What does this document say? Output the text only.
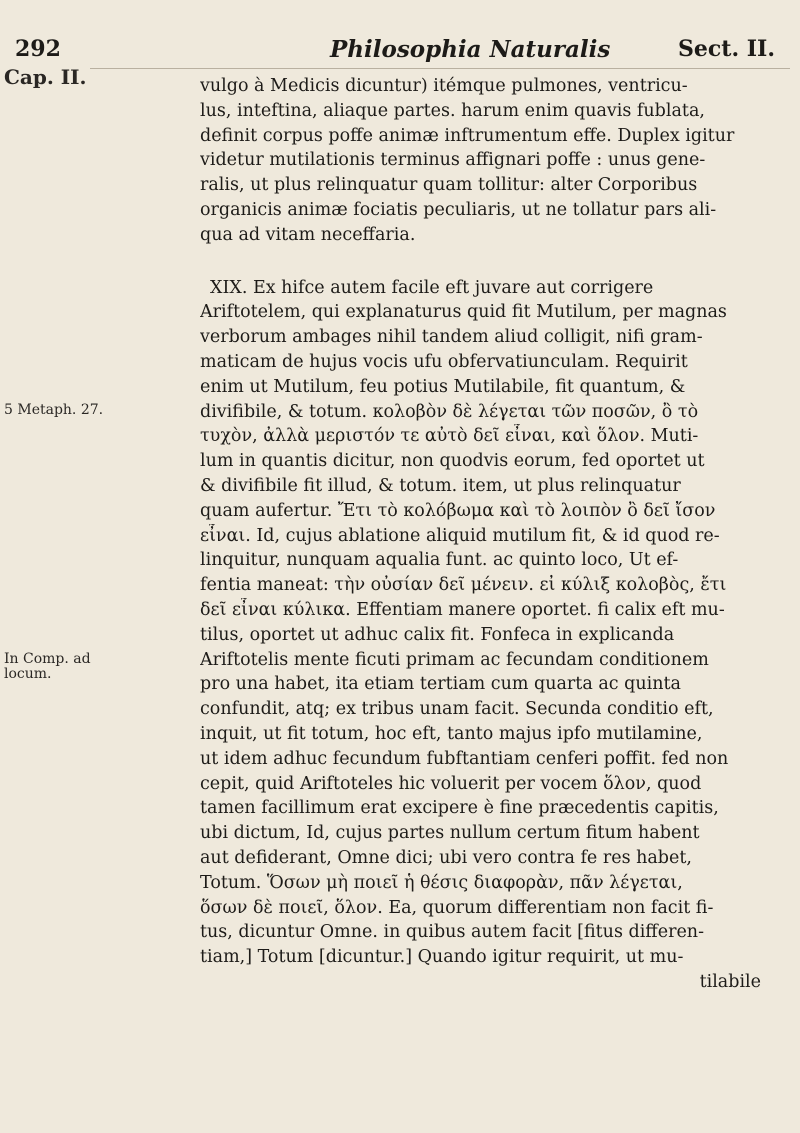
292	Philosophia Naturalis	Sect. II.
Cap. II.
5 Metaph. 27.
In Comp. ad locum.
vulgo à Medicis dicuntur) itémque pulmones, ventricu-
lus, inteftina, aliaque partes. harum enim quavis fublata,
definit corpus poffe animæ inftrumentum effe. Duplex igitur
videtur mutilationis terminus affignari poffe : unus gene-
ralis, ut plus relinquatur quam tollitur: alter Corporibus
organicis animæ fociatis peculiaris, ut ne tollatur pars ali-
qua ad vitam neceffaria.
XIX. Ex hifce autem facile eft juvare aut corrigere
Ariftotelem, qui explanaturus quid fit Mutilum, per magnas
verborum ambages nihil tandem aliud colligit, nifi gram-
maticam de hujus vocis ufu obfervatiunculam. Requirit
enim ut Mutilum, feu potius Mutilabile, fit quantum, &
divifibile, & totum. κολοβὸν δὲ λέγεται τῶν ποσῶν, ὂ τὸ
τυχὸν, ἀλλὰ μεριστόν τε αὐτὸ δεῖ εἶναι, καὶ ὅλον. Muti-
lum in quantis dicitur, non quodvis eorum, fed oportet ut
& divifibile fit illud, & totum. item, ut plus relinquatur
quam aufertur. Ἔτι τὸ κολόβωμα καὶ τὸ λοιπὸν ὂ δεῖ ἴσον
εἶναι. Id, cujus ablatione aliquid mutilum fit, & id quod re-
linquitur, nunquam aqualia funt. ac quinto loco, Ut ef-
fentia maneat: τὴν οὐσίαν δεῖ μένειν. εἰ κύλιξ κολοβὸς, ἔτι
δεῖ εἶναι κύλικα. Effentiam manere oportet. fi calix eft mu-
tilus, oportet ut adhuc calix fit. Fonfeca in explicanda
Ariftotelis mente ficuti primam ac fecundam conditionem
pro una habet, ita etiam tertiam cum quarta ac quinta
confundit, atq; ex tribus unam facit. Secunda conditio eft,
inquit, ut fit totum, hoc eft, tanto majus ipfo mutilamine,
ut idem adhuc fecundum fubftantiam cenferi poffit. fed non
cepit, quid Ariftoteles hic voluerit per vocem ὅλον, quod
tamen facillimum erat excipere è fine præcedentis capitis,
ubi dictum, Id, cujus partes nullum certum fitum habent
aut defiderant, Omne dici; ubi vero contra fe res habet,
Totum. Ὅσων μὴ ποιεῖ ἡ θέσις διαφορὰν, πᾶν λέγεται,
ὅσων δὲ ποιεῖ, ὅλον. Ea, quorum differentiam non facit fi-
tus, dicuntur Omne. in quibus autem facit [fitus differen-
tiam,] Totum [dicuntur.] Quando igitur requirit, ut mu-
tilabile
